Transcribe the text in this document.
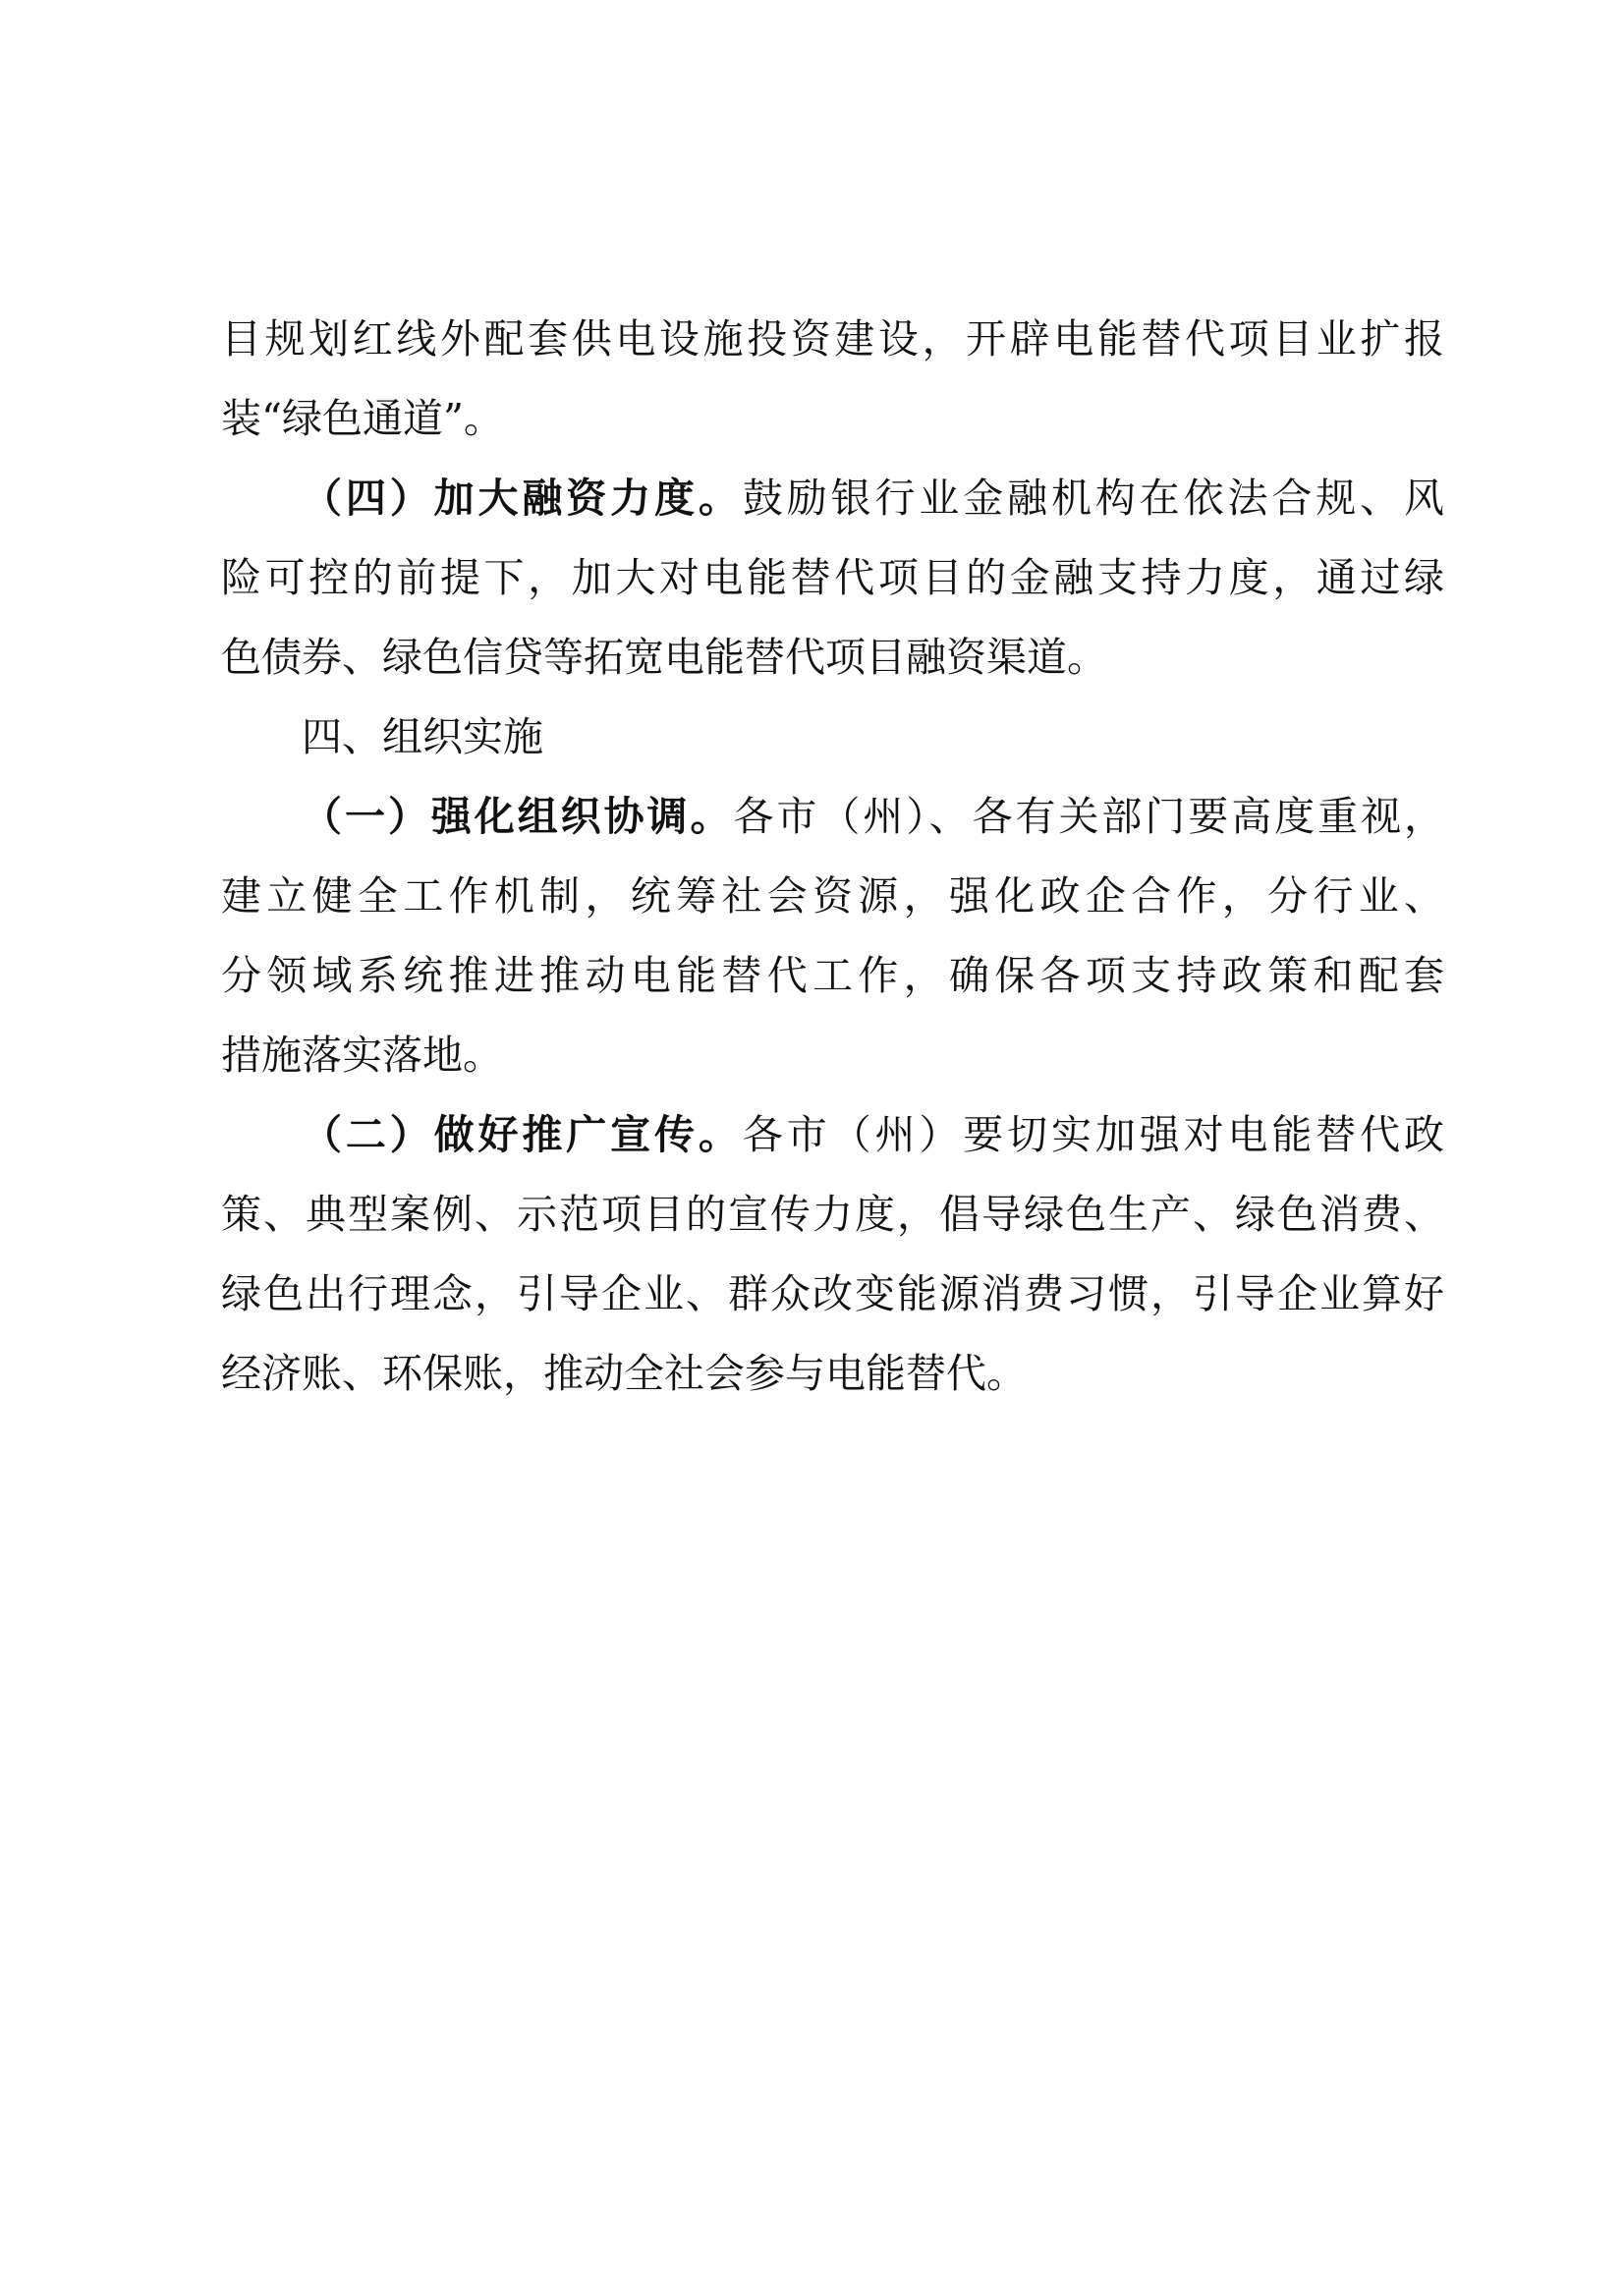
目规划红线外配套供电设施投资建设，开辟电能替代项目业扩报
装“绿色通道”。
（四）加大融资力度。鼓励银行业金融机构在依法合规、风
险可控的前提下，加大对电能替代项目的金融支持力度，通过绿
色债券、绿色信贷等拓宽电能替代项目融资渠道。
四、组织实施
（一）强化组织协调。各市（州）、各有关部门要高度重视，
建立健全工作机制，统筹社会资源，强化政企合作，分行业、
分领域系统推进推动电能替代工作，确保各项支持政策和配套
措施落实落地。
（二）做好推广宣传。各市（州）要切实加强对电能替代政
策、典型案例、示范项目的宣传力度，倡导绿色生产、绿色消费、
绿色出行理念，引导企业、群众改变能源消费习惯，引导企业算好
经济账、环保账，推动全社会参与电能替代。
